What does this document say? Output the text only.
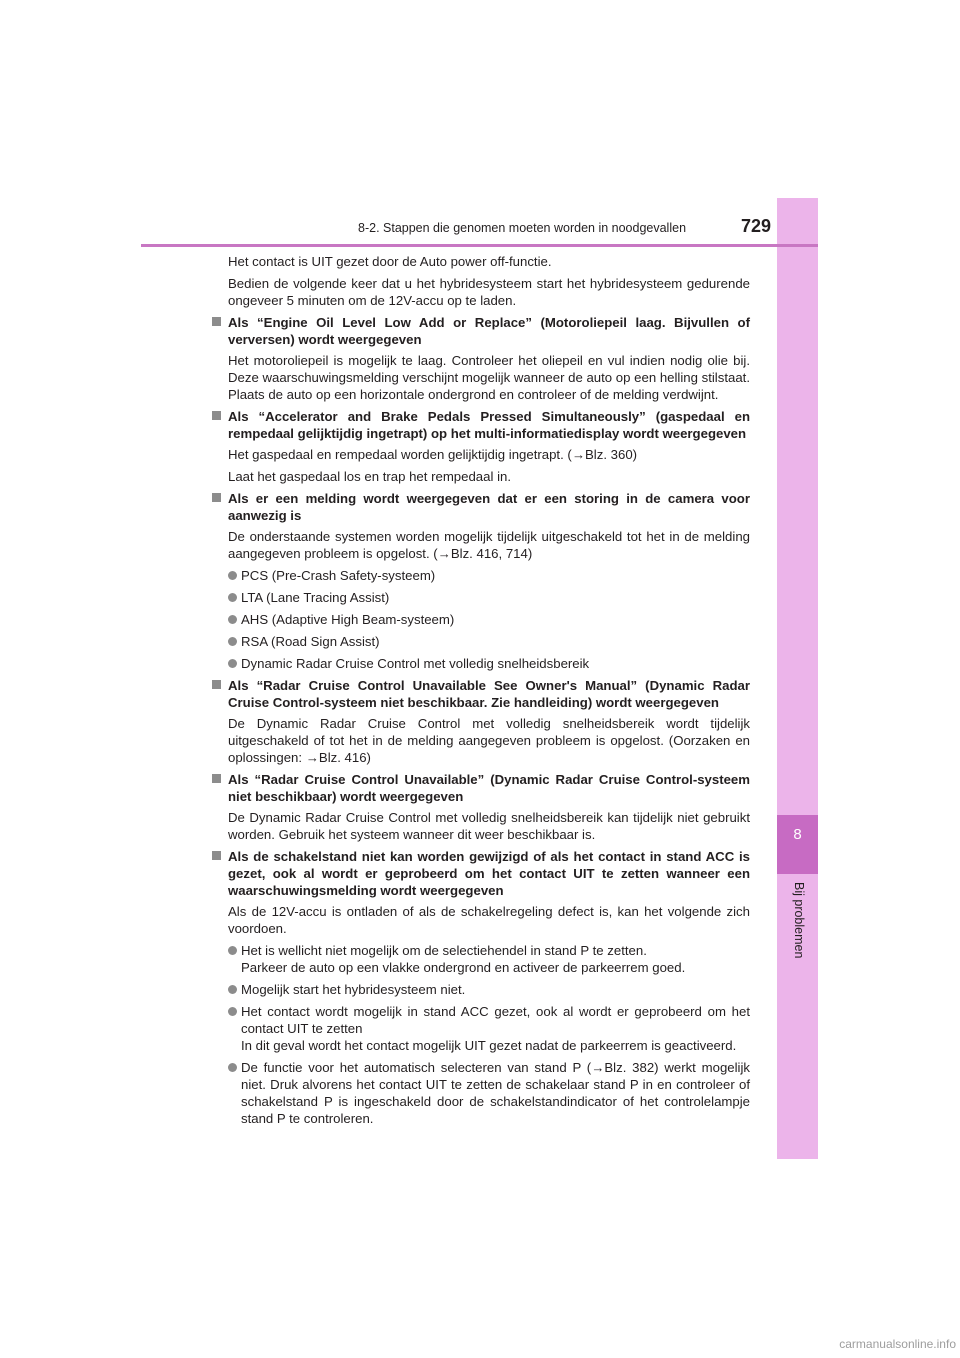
8
Bij problemen
8-2. Stappen die genomen moeten worden in noodgevallen	729

Het contact is UIT gezet door de Auto power off-functie.

Bedien de volgende keer dat u het hybridesysteem start het hybridesysteem gedurende ongeveer 5 minuten om de 12V-accu op te laden.

Als “Engine Oil Level Low Add or Replace” (Motoroliepeil laag. Bijvullen of verversen) wordt weergegeven

Het motoroliepeil is mogelijk te laag. Controleer het oliepeil en vul indien nodig olie bij. Deze waarschuwingsmelding verschijnt mogelijk wanneer de auto op een helling stilstaat. Plaats de auto op een horizontale ondergrond en controleer of de melding verdwijnt.

Als “Accelerator and Brake Pedals Pressed Simultaneously” (gaspedaal en rempedaal gelijktijdig ingetrapt) op het multi-informatiedisplay wordt weergegeven

Het gaspedaal en rempedaal worden gelijktijdig ingetrapt. (→Blz. 360)

Laat het gaspedaal los en trap het rempedaal in.

Als er een melding wordt weergegeven dat er een storing in de camera voor aanwezig is

De onderstaande systemen worden mogelijk tijdelijk uitgeschakeld tot het in de melding aangegeven probleem is opgelost. (→Blz. 416, 714)

PCS (Pre-Crash Safety-systeem)
LTA (Lane Tracing Assist)
AHS (Adaptive High Beam-systeem)
RSA (Road Sign Assist)
Dynamic Radar Cruise Control met volledig snelheidsbereik
Als “Radar Cruise Control Unavailable See Owner's Manual” (Dynamic Radar Cruise Control-systeem niet beschikbaar. Zie handleiding) wordt weergegeven

De Dynamic Radar Cruise Control met volledig snelheidsbereik wordt tijdelijk uitgeschakeld of tot het in de melding aangegeven probleem is opgelost. (Oorzaken en oplossingen: →Blz. 416)

Als “Radar Cruise Control Unavailable” (Dynamic Radar Cruise Control-systeem niet beschikbaar) wordt weergegeven

De Dynamic Radar Cruise Control met volledig snelheidsbereik kan tijdelijk niet gebruikt worden. Gebruik het systeem wanneer dit weer beschikbaar is.

Als de schakelstand niet kan worden gewijzigd of als het contact in stand ACC is gezet, ook al wordt er geprobeerd om het contact UIT te zetten wanneer een waarschuwingsmelding wordt weergegeven

Als de 12V-accu is ontladen of als de schakelregeling defect is, kan het volgende zich voordoen.

Het is wellicht niet mogelijk om de selectiehendel in stand P te zetten.
Parkeer de auto op een vlakke ondergrond en activeer de parkeerrem goed.
Mogelijk start het hybridesysteem niet.
Het contact wordt mogelijk in stand ACC gezet, ook al wordt er geprobeerd om het contact UIT te zetten
In dit geval wordt het contact mogelijk UIT gezet nadat de parkeerrem is geactiveerd.
De functie voor het automatisch selecteren van stand P (→Blz. 382) werkt mogelijk niet. Druk alvorens het contact UIT te zetten de schakelaar stand P in en controleer of schakelstand P is ingeschakeld door de schakelstandindicator of het controlelampje stand P te controleren.
carmanualsonline.info
